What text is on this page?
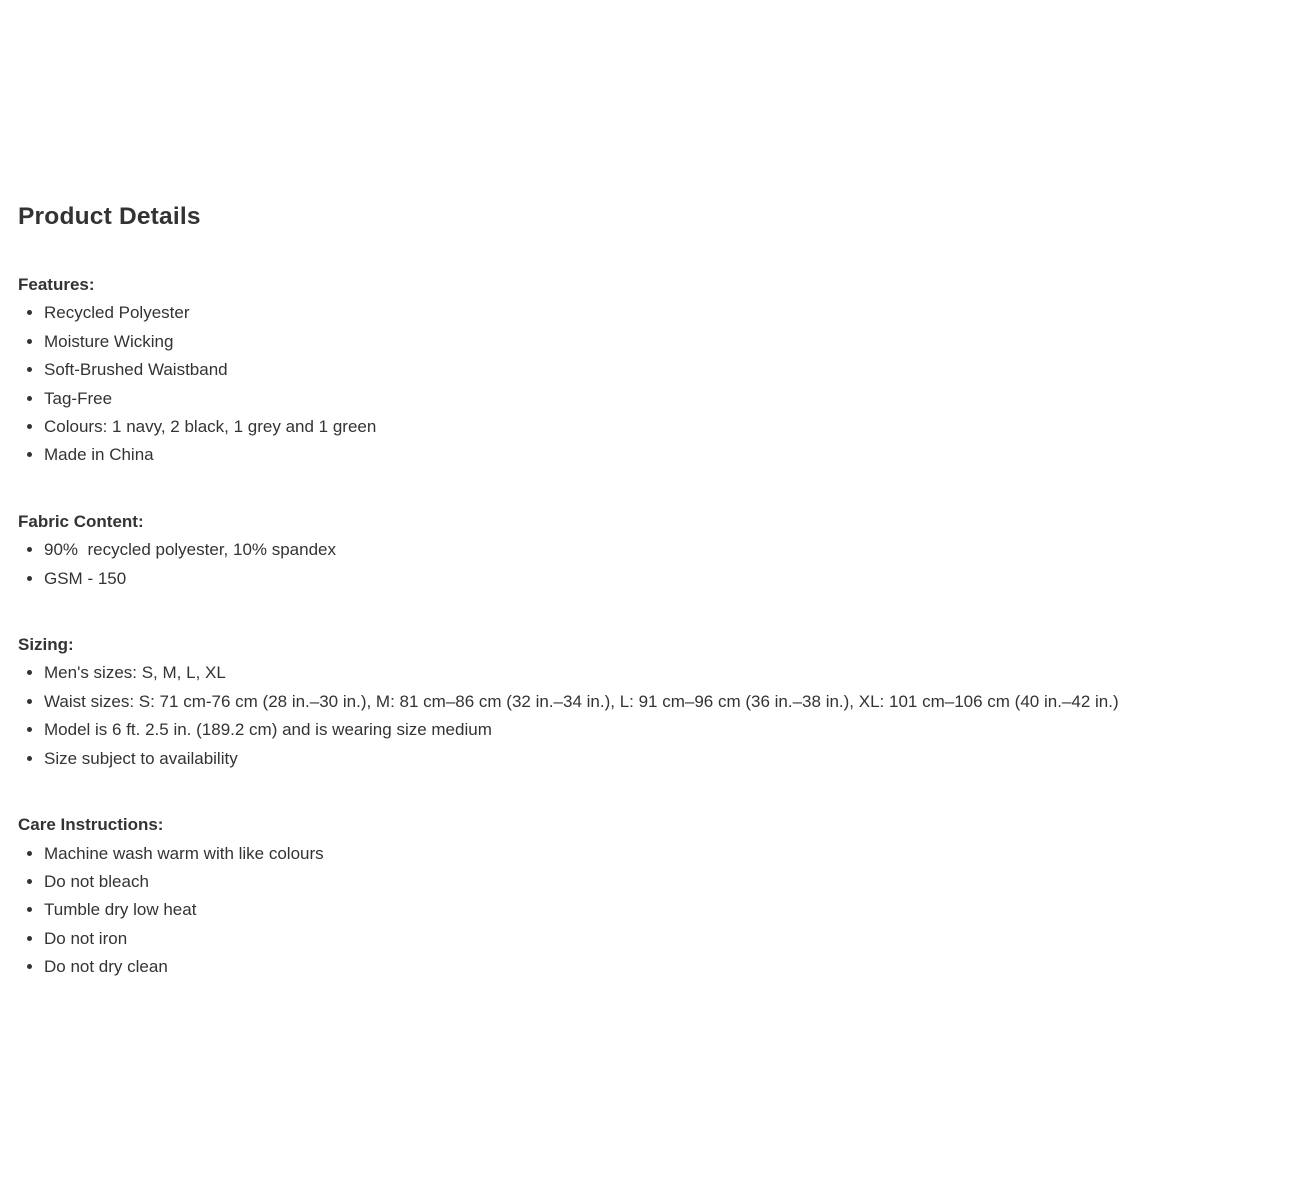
Product Details

Features:

• Recycled Polyester
• Moisture Wicking
• Soft-Brushed Waistband
• Tag-Free
• Colours: 1 navy, 2 black, 1 grey and 1 green
• Made in China

Fabric Content:

• 90%  recycled polyester, 10% spandex
• GSM - 150

Sizing:

• Men's sizes: S, M, L, XL
• Waist sizes: S: 71 cm-76 cm (28 in.–30 in.), M: 81 cm–86 cm (32 in.–34 in.), L: 91 cm–96 cm (36 in.–38 in.), XL: 101 cm–106 cm (40 in.–42 in.)
• Model is 6 ft. 2.5 in. (189.2 cm) and is wearing size medium
• Size subject to availability

Care Instructions:

• Machine wash warm with like colours
• Do not bleach
• Tumble dry low heat
• Do not iron
• Do not dry clean
